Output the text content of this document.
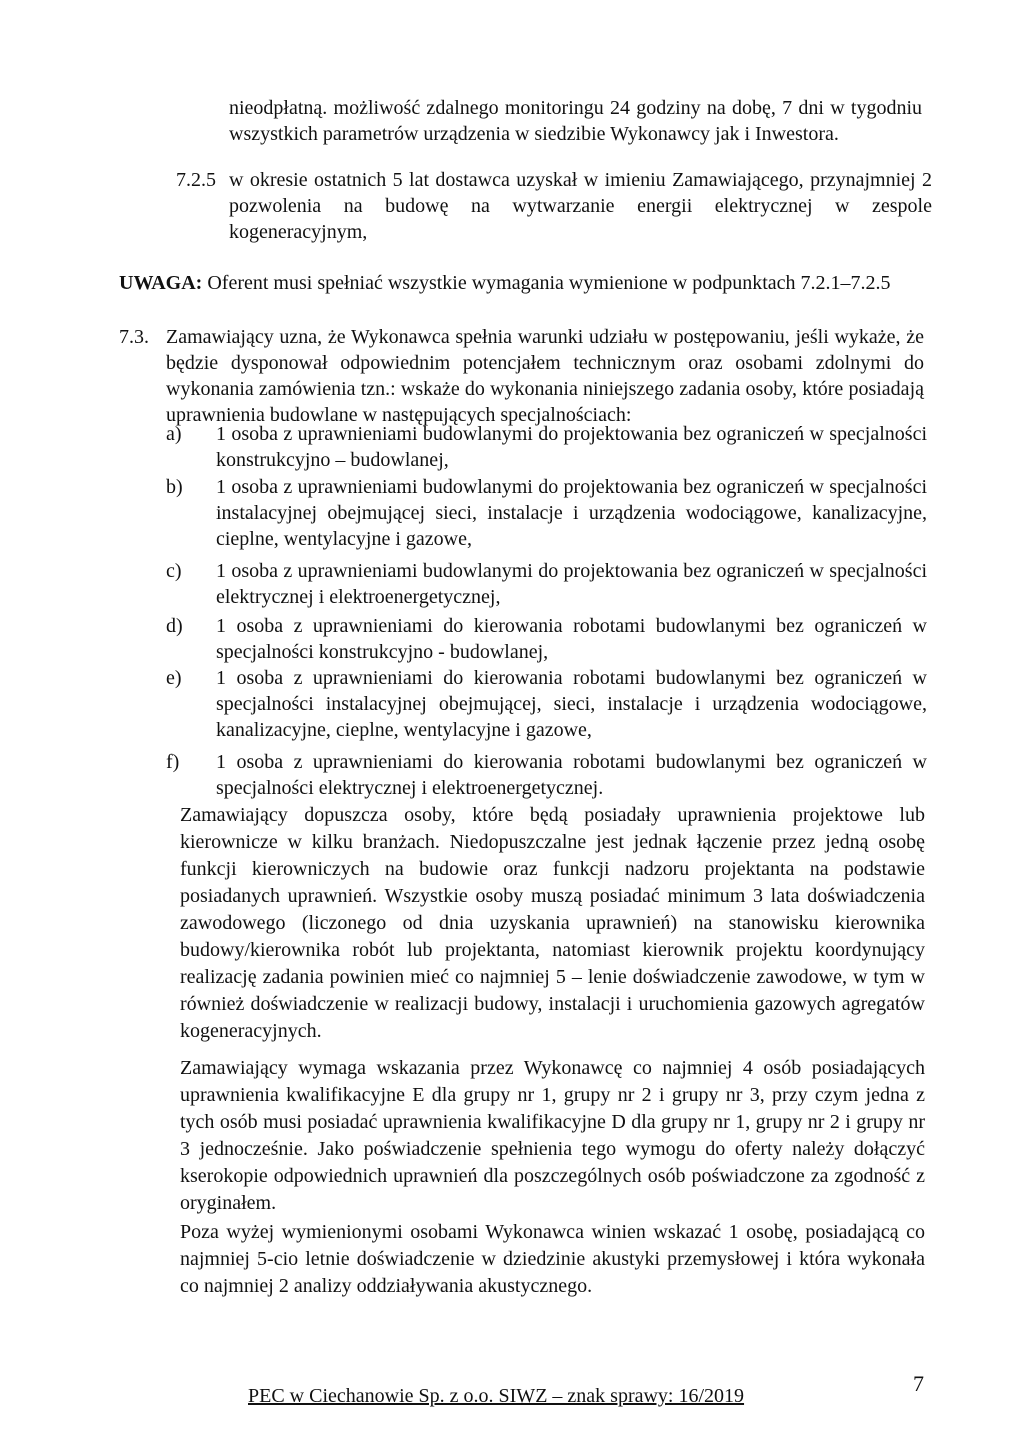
nieodpłatną. możliwość zdalnego monitoringu 24 godziny na dobę, 7 dni w tygodniu wszystkich parametrów urządzenia w siedzibie Wykonawcy jak i Inwestora.
7.2.5 w okresie ostatnich 5 lat dostawca uzyskał w imieniu Zamawiającego, przynajmniej 2 pozwolenia na budowę na wytwarzanie energii elektrycznej w zespole kogeneracyjnym,
UWAGA: Oferent musi spełniać wszystkie wymagania wymienione w podpunktach 7.2.1–7.2.5
7.3. Zamawiający uzna, że Wykonawca spełnia warunki udziału w postępowaniu, jeśli wykaże, że będzie dysponował odpowiednim potencjałem technicznym oraz osobami zdolnymi do wykonania zamówienia tzn.: wskaże do wykonania niniejszego zadania osoby, które posiadają uprawnienia budowlane w następujących specjalnościach:
a)	1 osoba z uprawnieniami budowlanymi do projektowania bez ograniczeń w specjalności konstrukcyjno – budowlanej,
b)	1 osoba z uprawnieniami budowlanymi do projektowania bez ograniczeń w specjalności instalacyjnej obejmującej sieci, instalacje i urządzenia wodociągowe, kanalizacyjne, cieplne, wentylacyjne i gazowe,
c)	1 osoba z uprawnieniami budowlanymi do projektowania bez ograniczeń w specjalności elektrycznej i elektroenergetycznej,
d)	1 osoba z uprawnieniami do kierowania robotami budowlanymi bez ograniczeń w specjalności konstrukcyjno - budowlanej,
e)	1 osoba z uprawnieniami do kierowania robotami budowlanymi bez ograniczeń w specjalności instalacyjnej obejmującej, sieci, instalacje i urządzenia wodociągowe, kanalizacyjne, cieplne, wentylacyjne i gazowe,
f)	1 osoba z uprawnieniami do kierowania robotami budowlanymi bez ograniczeń w specjalności elektrycznej i elektroenergetycznej.
Zamawiający dopuszcza osoby, które będą posiadały uprawnienia projektowe lub kierownicze w kilku branżach. Niedopuszczalne jest jednak łączenie przez jedną osobę funkcji kierowniczych na budowie oraz funkcji nadzoru projektanta na podstawie posiadanych uprawnień. Wszystkie osoby muszą posiadać minimum 3 lata doświadczenia zawodowego (liczonego od dnia uzyskania uprawnień) na stanowisku kierownika budowy/kierownika robót lub projektanta, natomiast kierownik projektu koordynujący realizację zadania powinien mieć co najmniej 5 – lenie doświadczenie zawodowe, w tym w również doświadczenie w realizacji budowy, instalacji i uruchomienia gazowych agregatów kogeneracyjnych.
Zamawiający wymaga wskazania przez Wykonawcę co najmniej 4 osób posiadających uprawnienia kwalifikacyjne E dla grupy nr 1, grupy nr 2 i grupy nr 3, przy czym jedna z tych osób musi posiadać uprawnienia kwalifikacyjne D dla grupy nr 1, grupy nr 2 i grupy nr 3 jednocześnie. Jako poświadczenie spełnienia tego wymogu do oferty należy dołączyć kserokopie odpowiednich uprawnień dla poszczególnych osób poświadczone za zgodność z oryginałem.
Poza wyżej wymienionymi osobami Wykonawca winien wskazać 1 osobę, posiadającą co najmniej 5-cio letnie doświadczenie w dziedzinie akustyki przemysłowej i która wykonała co najmniej 2 analizy oddziaływania akustycznego.
PEC w Ciechanowie Sp. z o.o. SIWZ – znak sprawy: 16/2019	7
